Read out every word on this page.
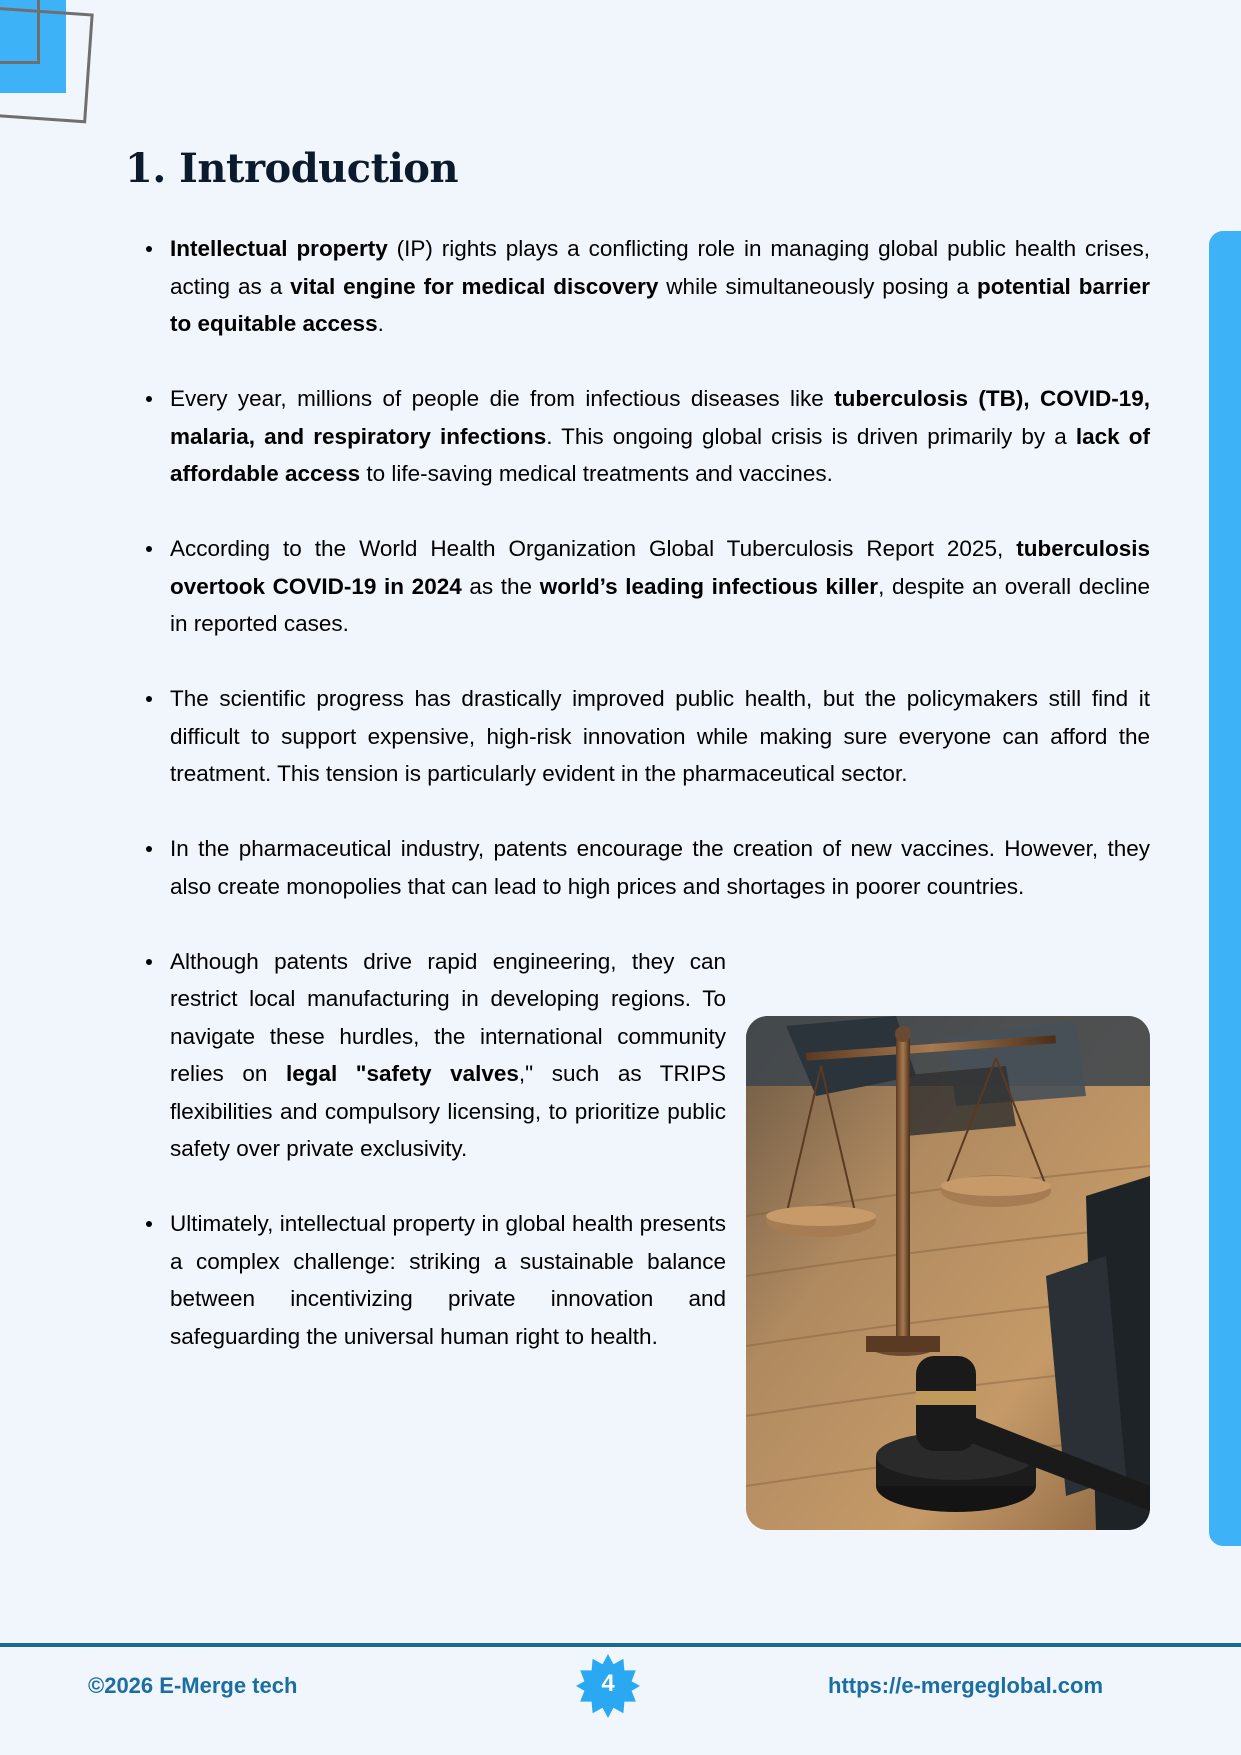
1. Introduction
Intellectual property (IP) rights plays a conflicting role in managing global public health crises, acting as a vital engine for medical discovery while simultaneously posing a potential barrier to equitable access.
Every year, millions of people die from infectious diseases like tuberculosis (TB), COVID-19, malaria, and respiratory infections. This ongoing global crisis is driven primarily by a lack of affordable access to life-saving medical treatments and vaccines.
According to the World Health Organization Global Tuberculosis Report 2025, tuberculosis overtook COVID-19 in 2024 as the world’s leading infectious killer, despite an overall decline in reported cases.
The scientific progress has drastically improved public health, but the policymakers still find it difficult to support expensive, high-risk innovation while making sure everyone can afford the treatment. This tension is particularly evident in the pharmaceutical sector.
In the pharmaceutical industry, patents encourage the creation of new vaccines. However, they also create monopolies that can lead to high prices and shortages in poorer countries.
Although patents drive rapid engineering, they can restrict local manufacturing in developing regions. To navigate these hurdles, the international community relies on legal "safety valves," such as TRIPS flexibilities and compulsory licensing, to prioritize public safety over private exclusivity.
Ultimately, intellectual property in global health presents a complex challenge: striking a sustainable balance between incentivizing private innovation and safeguarding the universal human right to health.
©2026 E-Merge tech	4	https://e-mergeglobal.com
